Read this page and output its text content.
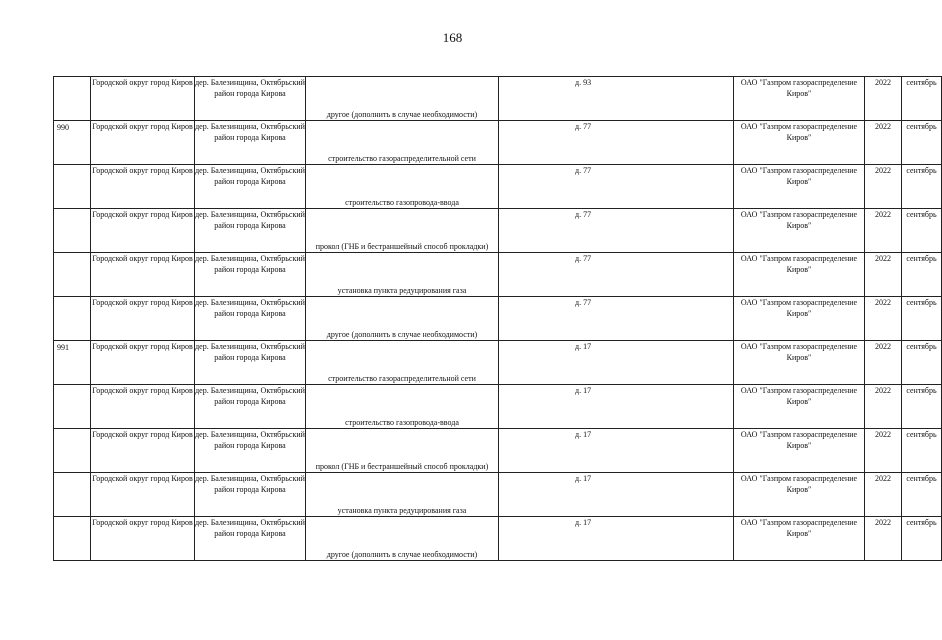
168
	Городской округ город Киров	дер. Балезинщина, Октябрьский район города Кирова	другое (дополнить в случае необходимости)	д. 93	ОАО "Газпром газораспределение Киров"	2022	сентябрь
990	Городской округ город Киров	дер. Балезинщина, Октябрьский район города Кирова	строительство газораспределительной сети	д. 77	ОАО "Газпром газораспределение Киров"	2022	сентябрь
	Городской округ город Киров	дер. Балезинщина, Октябрьский район города Кирова	строительство газопровода-ввода	д. 77	ОАО "Газпром газораспределение Киров"	2022	сентябрь
	Городской округ город Киров	дер. Балезинщина, Октябрьский район города Кирова	прокол (ГНБ и бестраншейный способ прокладки)	д. 77	ОАО "Газпром газораспределение Киров"	2022	сентябрь
	Городской округ город Киров	дер. Балезинщина, Октябрьский район города Кирова	установка пункта редуцирования газа	д. 77	ОАО "Газпром газораспределение Киров"	2022	сентябрь
	Городской округ город Киров	дер. Балезинщина, Октябрьский район города Кирова	другое (дополнить в случае необходимости)	д. 77	ОАО "Газпром газораспределение Киров"	2022	сентябрь
991	Городской округ город Киров	дер. Балезинщина, Октябрьский район города Кирова	строительство газораспределительной сети	д. 17	ОАО "Газпром газораспределение Киров"	2022	сентябрь
	Городской округ город Киров	дер. Балезинщина, Октябрьский район города Кирова	строительство газопровода-ввода	д. 17	ОАО "Газпром газораспределение Киров"	2022	сентябрь
	Городской округ город Киров	дер. Балезинщина, Октябрьский район города Кирова	прокол (ГНБ и бестраншейный способ прокладки)	д. 17	ОАО "Газпром газораспределение Киров"	2022	сентябрь
	Городской округ город Киров	дер. Балезинщина, Октябрьский район города Кирова	установка пункта редуцирования газа	д. 17	ОАО "Газпром газораспределение Киров"	2022	сентябрь
	Городской округ город Киров	дер. Балезинщина, Октябрьский район города Кирова	другое (дополнить в случае необходимости)	д. 17	ОАО "Газпром газораспределение Киров"	2022	сентябрь
